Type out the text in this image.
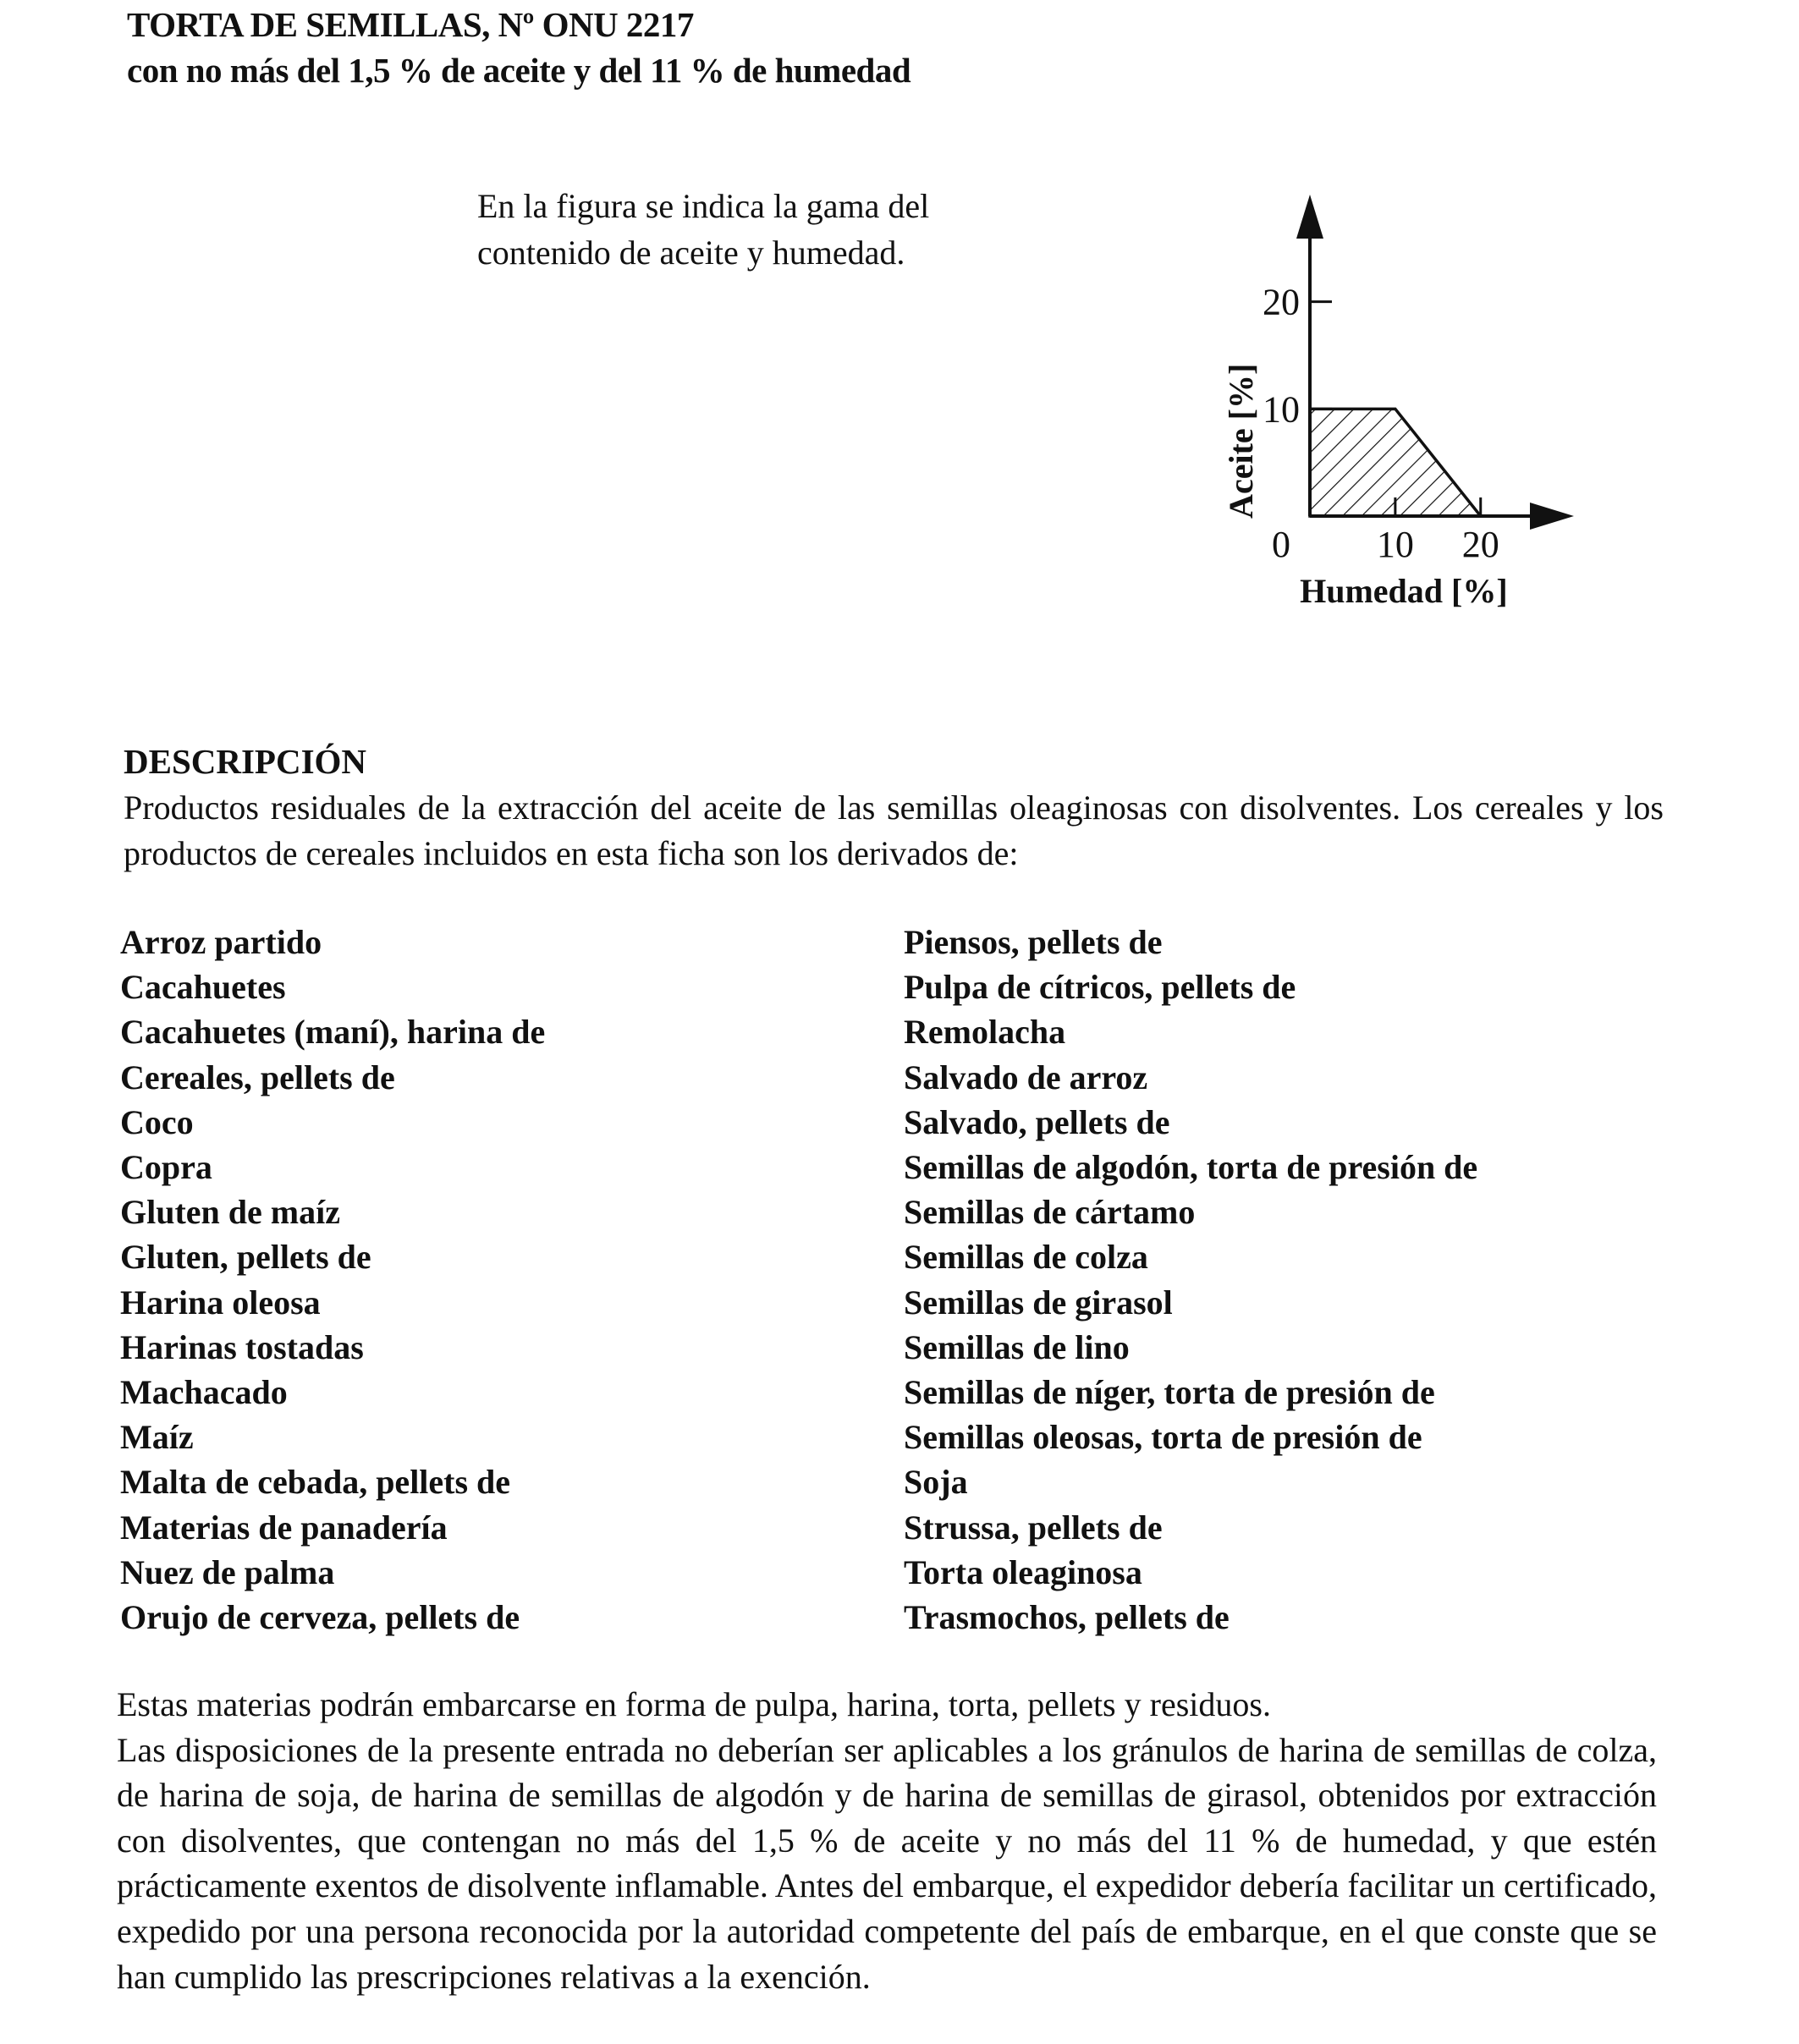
TORTA DE SEMILLAS, Nº ONU 2217
con no más del 1,5 % de aceite y del 11 % de humedad

En la figura se indica la gama del
contenido de aceite y humedad.

0 10 20
10
20
Humedad [%]
Aceite [%]
DESCRIPCIÓN

Productos residuales de la extracción del aceite de las semillas oleaginosas con disolventes. Los cereales y los productos de cereales incluidos en esta ficha son los derivados de:

Arroz partido
Cacahuetes
Cacahuetes (maní), harina de
Cereales, pellets de
Coco
Copra
Gluten de maíz
Gluten, pellets de
Harina oleosa
Harinas tostadas
Machacado
Maíz
Malta de cebada, pellets de
Materias de panadería
Nuez de palma
Orujo de cerveza, pellets de
Piensos, pellets de
Pulpa de cítricos, pellets de
Remolacha
Salvado de arroz
Salvado, pellets de
Semillas de algodón, torta de presión de
Semillas de cártamo
Semillas de colza
Semillas de girasol
Semillas de lino
Semillas de níger, torta de presión de
Semillas oleosas, torta de presión de
Soja
Strussa, pellets de
Torta oleaginosa
Trasmochos, pellets de
Estas materias podrán embarcarse en forma de pulpa, harina, torta, pellets y residuos.
Las disposiciones de la presente entrada no deberían ser aplicables a los gránulos de harina de semillas de colza, de harina de soja, de harina de semillas de algodón y de harina de semillas de girasol, obtenidos por extracción con disolventes, que contengan no más del 1,5 % de aceite y no más del 11 % de humedad, y que estén prácticamente exentos de disolvente inflamable. Antes del embarque, el expedidor debería facilitar un certificado, expedido por una persona reconocida por la autoridad competente del país de embarque, en el que conste que se han cumplido las prescripciones relativas a la exención.
